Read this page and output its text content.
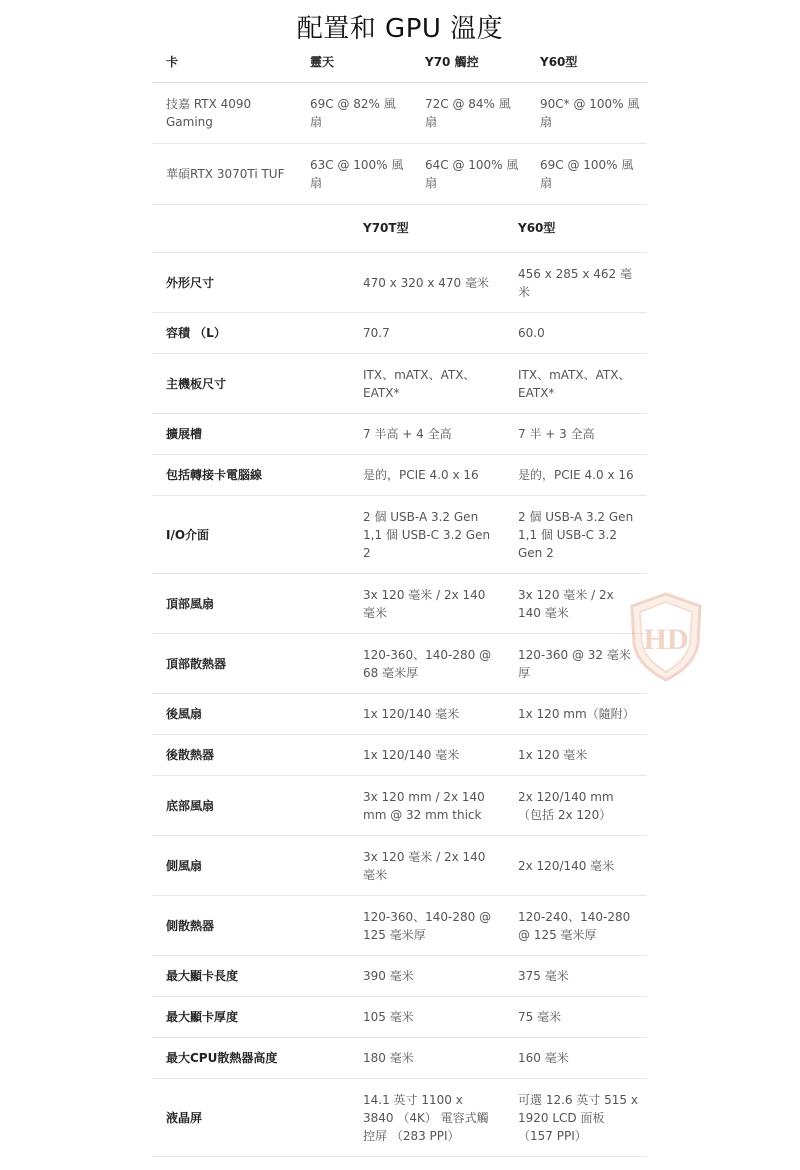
配置和 GPU 溫度
卡	靈天	Y70 觸控	Y60型
技嘉 RTX 4090 Gaming	69C @ 82% 風扇	72C @ 84% 風扇	90C* @ 100% 風扇
華碩RTX 3070Ti TUF	63C @ 100% 風扇	64C @ 100% 風扇	69C @ 100% 風扇
	Y70T型	Y60型
外形尺寸	470 x 320 x 470 毫米	456 x 285 x 462 毫米
容積 （L）	70.7	60.0
主機板尺寸	ITX、mATX、ATX、EATX*	ITX、mATX、ATX、EATX*
擴展槽	7 半高 + 4 全高	7 半 + 3 全高
包括轉接卡電腦線	是的，PCIE 4.0 x 16	是的，PCIE 4.0 x 16
I/O介面	2 個 USB-A 3.2 Gen 1,1 個 USB-C 3.2 Gen 2	2 個 USB-A 3.2 Gen 1,1 個 USB-C 3.2 Gen 2
頂部風扇	3x 120 毫米 / 2x 140 毫米	3x 120 毫米 / 2x 140 毫米
頂部散熱器	120-360、140-280 @ 68 毫米厚	120-360 @ 32 毫米厚
後風扇	1x 120/140 毫米	1x 120 mm（隨附）
後散熱器	1x 120/140 毫米	1x 120 毫米
底部風扇	3x 120 mm / 2x 140 mm @ 32 mm thick	2x 120/140 mm （包括 2x 120）
側風扇	3x 120 毫米 / 2x 140 毫米	2x 120/140 毫米
側散熱器	120-360、140-280 @ 125 毫米厚	120-240、140-280 @ 125 毫米厚
最大顯卡長度	390 毫米	375 毫米
最大顯卡厚度	105 毫米	75 毫米
最大CPU散熱器高度	180 毫米	160 毫米
液晶屏	14.1 英寸 1100 x 3840 （4K） 電容式觸控屏 （283 PPI）	可選 12.6 英寸 515 x 1920 LCD 面板 （157 PPI）
HD
